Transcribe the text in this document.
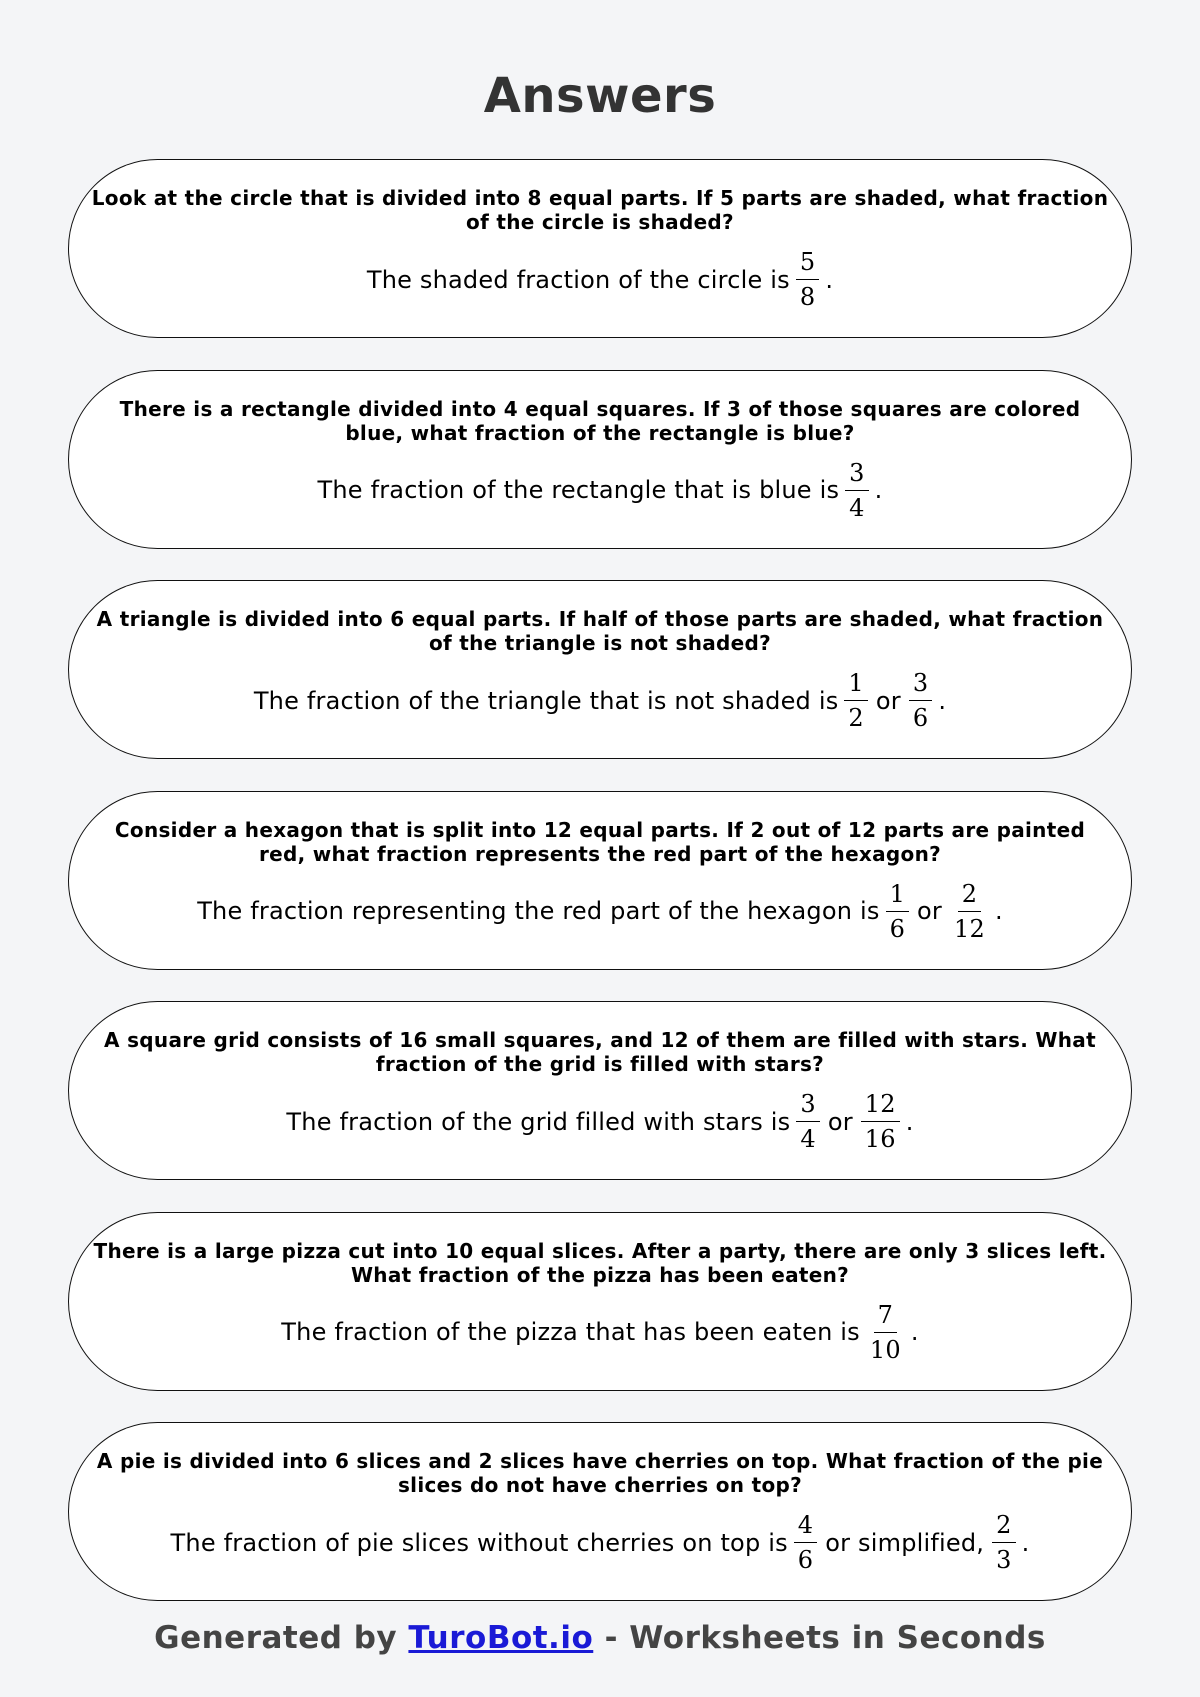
Answers
Look at the circle that is divided into 8 equal parts. If 5 parts are shaded, what fraction of the circle is shaded?
The shaded fraction of the circle is $\frac{5}{8}$ .
There is a rectangle divided into 4 equal squares. If 3 of those squares are colored blue, what fraction of the rectangle is blue?
The fraction of the rectangle that is blue is $\frac{3}{4}$ .
A triangle is divided into 6 equal parts. If half of those parts are shaded, what fraction of the triangle is not shaded?
The fraction of the triangle that is not shaded is $\frac{1}{2}$ or $\frac{3}{6}$ .
Consider a hexagon that is split into 12 equal parts. If 2 out of 12 parts are painted red, what fraction represents the red part of the hexagon?
The fraction representing the red part of the hexagon is $\frac{1}{6}$ or $\frac{2}{12}$ .
A square grid consists of 16 small squares, and 12 of them are filled with stars. What fraction of the grid is filled with stars?
The fraction of the grid filled with stars is $\frac{3}{4}$ or $\frac{12}{16}$ .
There is a large pizza cut into 10 equal slices. After a party, there are only 3 slices left. What fraction of the pizza has been eaten?
The fraction of the pizza that has been eaten is $\frac{7}{10}$ .
A pie is divided into 6 slices and 2 slices have cherries on top. What fraction of the pie slices do not have cherries on top?
The fraction of pie slices without cherries on top is $\frac{4}{6}$ or simplified, $\frac{2}{3}$ .
Generated by TuroBot.io - Worksheets in Seconds
